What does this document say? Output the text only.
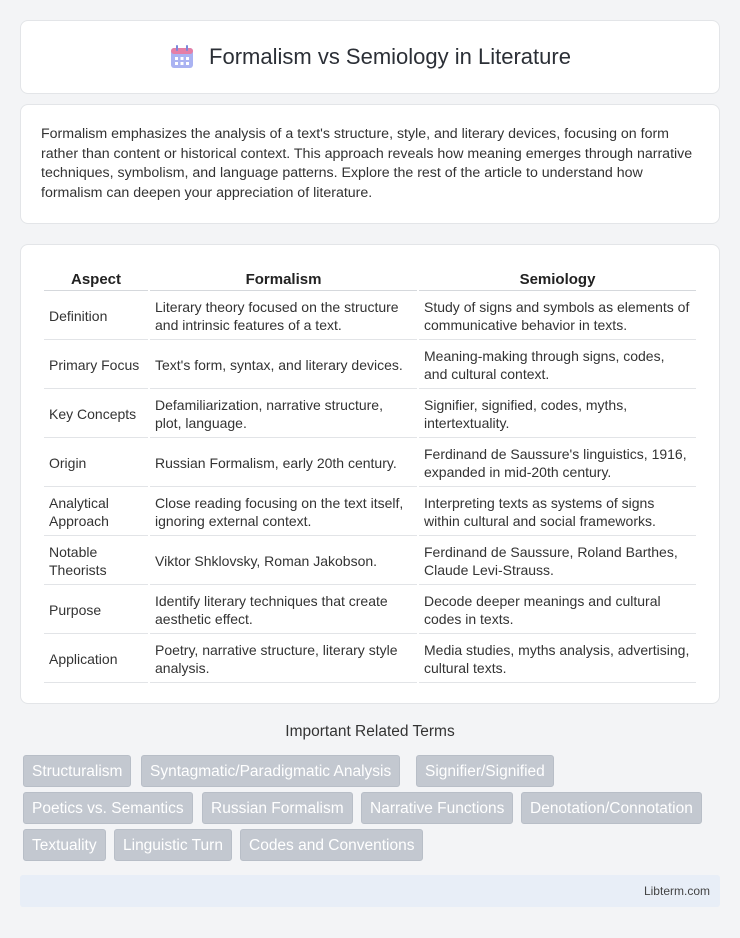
Formalism vs Semiology in Literature

Formalism emphasizes the analysis of a text's structure, style, and literary devices, focusing on form rather than content or historical context. This approach reveals how meaning emerges through narrative techniques, symbolism, and language patterns. Explore the rest of the article to understand how formalism can deepen your appreciation of literature.

Aspect	Formalism	Semiology
Definition	Literary theory focused on the structure and intrinsic features of a text.	Study of signs and symbols as elements of communicative behavior in texts.
Primary Focus	Text's form, syntax, and literary devices.	Meaning-making through signs, codes, and cultural context.
Key Concepts	Defamiliarization, narrative structure, plot, language.	Signifier, signified, codes, myths, intertextuality.
Origin	Russian Formalism, early 20th century.	Ferdinand de Saussure's linguistics, 1916, expanded in mid-20th century.
Analytical Approach	Close reading focusing on the text itself, ignoring external context.	Interpreting texts as systems of signs within cultural and social frameworks.
Notable Theorists	Viktor Shklovsky, Roman Jakobson.	Ferdinand de Saussure, Roland Barthes, Claude Levi-Strauss.
Purpose	Identify literary techniques that create aesthetic effect.	Decode deeper meanings and cultural codes in texts.
Application	Poetry, narrative structure, literary style analysis.	Media studies, myths analysis, advertising, cultural texts.
Important Related Terms
Structuralism	Syntagmatic/Paradigmatic Analysis	Signifier/Signified
Poetics vs. Semantics	Russian Formalism	Narrative Functions	Denotation/Connotation
Textuality	Linguistic Turn	Codes and Conventions
Libterm.com
